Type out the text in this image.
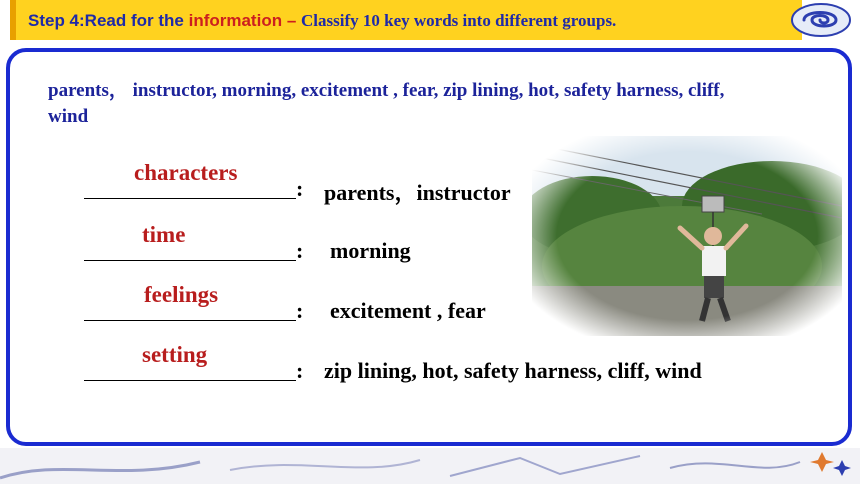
Step 4:Read for the information – Classify 10 key words into different groups.
parents， instructor, morning, excitement , fear, zip lining, hot, safety harness, cliff, wind
characters
: parents，instructor
time
: morning
feelings
: excitement , fear
setting
: zip lining, hot, safety harness, cliff, wind
